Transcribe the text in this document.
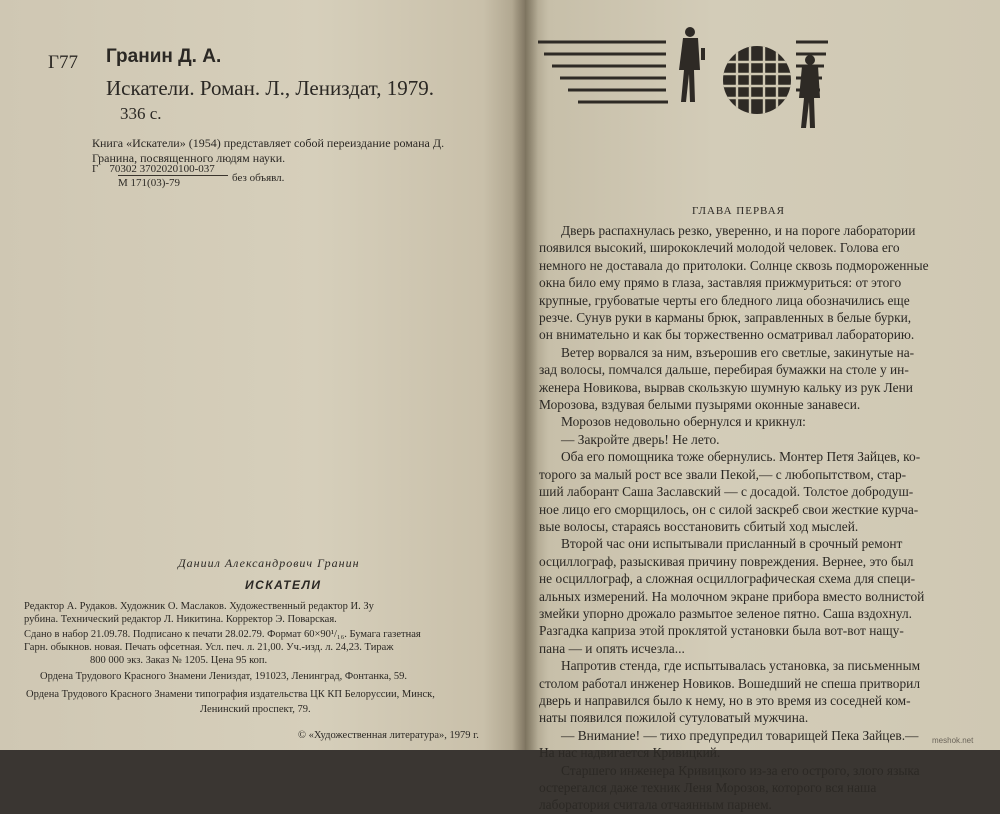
Г77 Гранин Д. А.
Искатели. Роман. Л., Лениздат, 1979.
336 с.
Книга «Искатели» (1954) представляет собой переиздание романа Д.
Гранина, посвященного людям науки.
Г 70302 3702020100-037
М 171(03)-79	без объявл.
Даниил Александрович Гранин
ИСКАТЕЛИ
Редактор А. Рудаков. Художник О. Маслаков. Художественный редактор И. Зу
рубина. Технический редактор Л. Никитина. Корректор Э. Поварская.
Сдано в набор 21.09.78. Подписано к печати 28.02.79. Формат 60×90¹/₁₆. Бумага газетная
Гарн. обыкнов. новая. Печать офсетная. Усл. печ. л. 21,00. Уч.-изд. л. 24,23. Тираж
800 000 экз. Заказ № 1205. Цена 95 коп.
Ордена Трудового Красного Знамени Лениздат, 191023, Ленинград, Фонтанка, 59.
Ордена Трудового Красного Знамени типография издательства ЦК КП Белоруссии, Минск,
Ленинский проспект, 79.
© «Художественная литература», 1979 г.
ГЛАВА ПЕРВАЯ
Дверь распахнулась резко, уверенно, и на пороге лаборатории
появился высокий, ширококлечий молодой человек. Голова его
немного не доставала до притолоки. Солнце сквозь подмороженные
окна било ему прямо в глаза, заставляя прижмуриться: от этого
крупные, грубоватые черты его бледного лица обозначились еще
резче. Сунув руки в карманы брюк, заправленных в белые бурки,
он внимательно и как бы торжественно осматривал лабораторию.
Ветер ворвался за ним, взъерошив его светлые, закинутые на-
зад волосы, помчался дальше, перебирая бумажки на столе у ин-
женера Новикова, вырвав скользкую шумную кальку из рук Лени
Морозова, вздувая белыми пузырями оконные занавеси.
Морозов недовольно обернулся и крикнул:
— Закройте дверь! Не лето.
Оба его помощника тоже обернулись. Монтер Петя Зайцев, ко-
торого за малый рост все звали Пекой,— с любопытством, стар-
ший лаборант Саша Заславский — с досадой. Толстое добродуш-
ное лицо его сморщилось, он с силой заскреб свои жесткие курча-
вые волосы, стараясь восстановить сбитый ход мыслей.
Второй час они испытывали присланный в срочный ремонт
осциллограф, разыскивая причину повреждения. Вернее, это был
не осциллограф, а сложная осциллографическая схема для специ-
альных измерений. На молочном экране прибора вместо волнистой
змейки упорно дрожало размытое зеленое пятно. Саша вздохнул.
Разгадка каприза этой проклятой установки была вот-вот нащу-
пана — и опять исчезла...
Напротив стенда, где испытывалась установка, за письменным
столом работал инженер Новиков. Вошедший не спеша притворил
дверь и направился было к нему, но в это время из соседней ком-
наты появился пожилой сутуловатый мужчина.
— Внимание! — тихо предупредил товарищей Пека Зайцев.—
На нас надвигается Кривицкий.
Старшего инженера Кривицкого из-за его острого, злого языка
остерегался даже техник Леня Морозов, которого вся наша
лаборатория считала отчаянным парнем.
meshok.net
